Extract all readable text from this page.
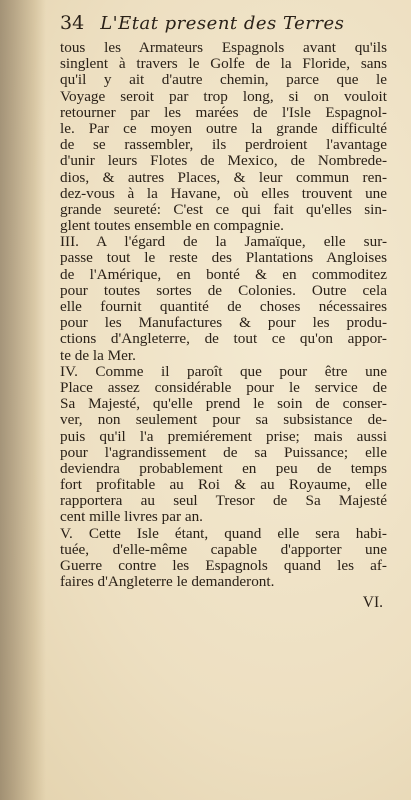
34 L'Etat present des Terres
tous les Armateurs Espagnols avant qu'ils
singlent à travers le Golfe de la Floride, sans
qu'il y ait d'autre chemin, parce que le
Voyage seroit par trop long, si on vouloit
retourner par les marées de l'Isle Espagnol-
le. Par ce moyen outre la grande difficulté
de se rassembler, ils perdroient l'avantage
d'unir leurs Flotes de Mexico, de Nombrede-
dios, & autres Places, & leur commun ren-
dez-vous à la Havane, où elles trouvent une
grande seureté: C'est ce qui fait qu'elles sin-
glent toutes ensemble en compagnie.
III. A l'égard de la Jamaïque, elle sur-
passe tout le reste des Plantations Angloises
de l'Amérique, en bonté & en commoditez
pour toutes sortes de Colonies. Outre cela
elle fournit quantité de choses nécessaires
pour les Manufactures & pour les produ-
ctions d'Angleterre, de tout ce qu'on appor-
te de la Mer.
IV. Comme il paroît que pour être une
Place assez considérable pour le service de
Sa Majesté, qu'elle prend le soin de conser-
ver, non seulement pour sa subsistance de-
puis qu'il l'a premiérement prise; mais aussi
pour l'agrandissement de sa Puissance; elle
deviendra probablement en peu de temps
fort profitable au Roi & au Royaume, elle
rapportera au seul Tresor de Sa Majesté
cent mille livres par an.
V. Cette Isle étant, quand elle sera habi-
tuée, d'elle-même capable d'apporter une
Guerre contre les Espagnols quand les af-
faires d'Angleterre le demanderont.
VI.
